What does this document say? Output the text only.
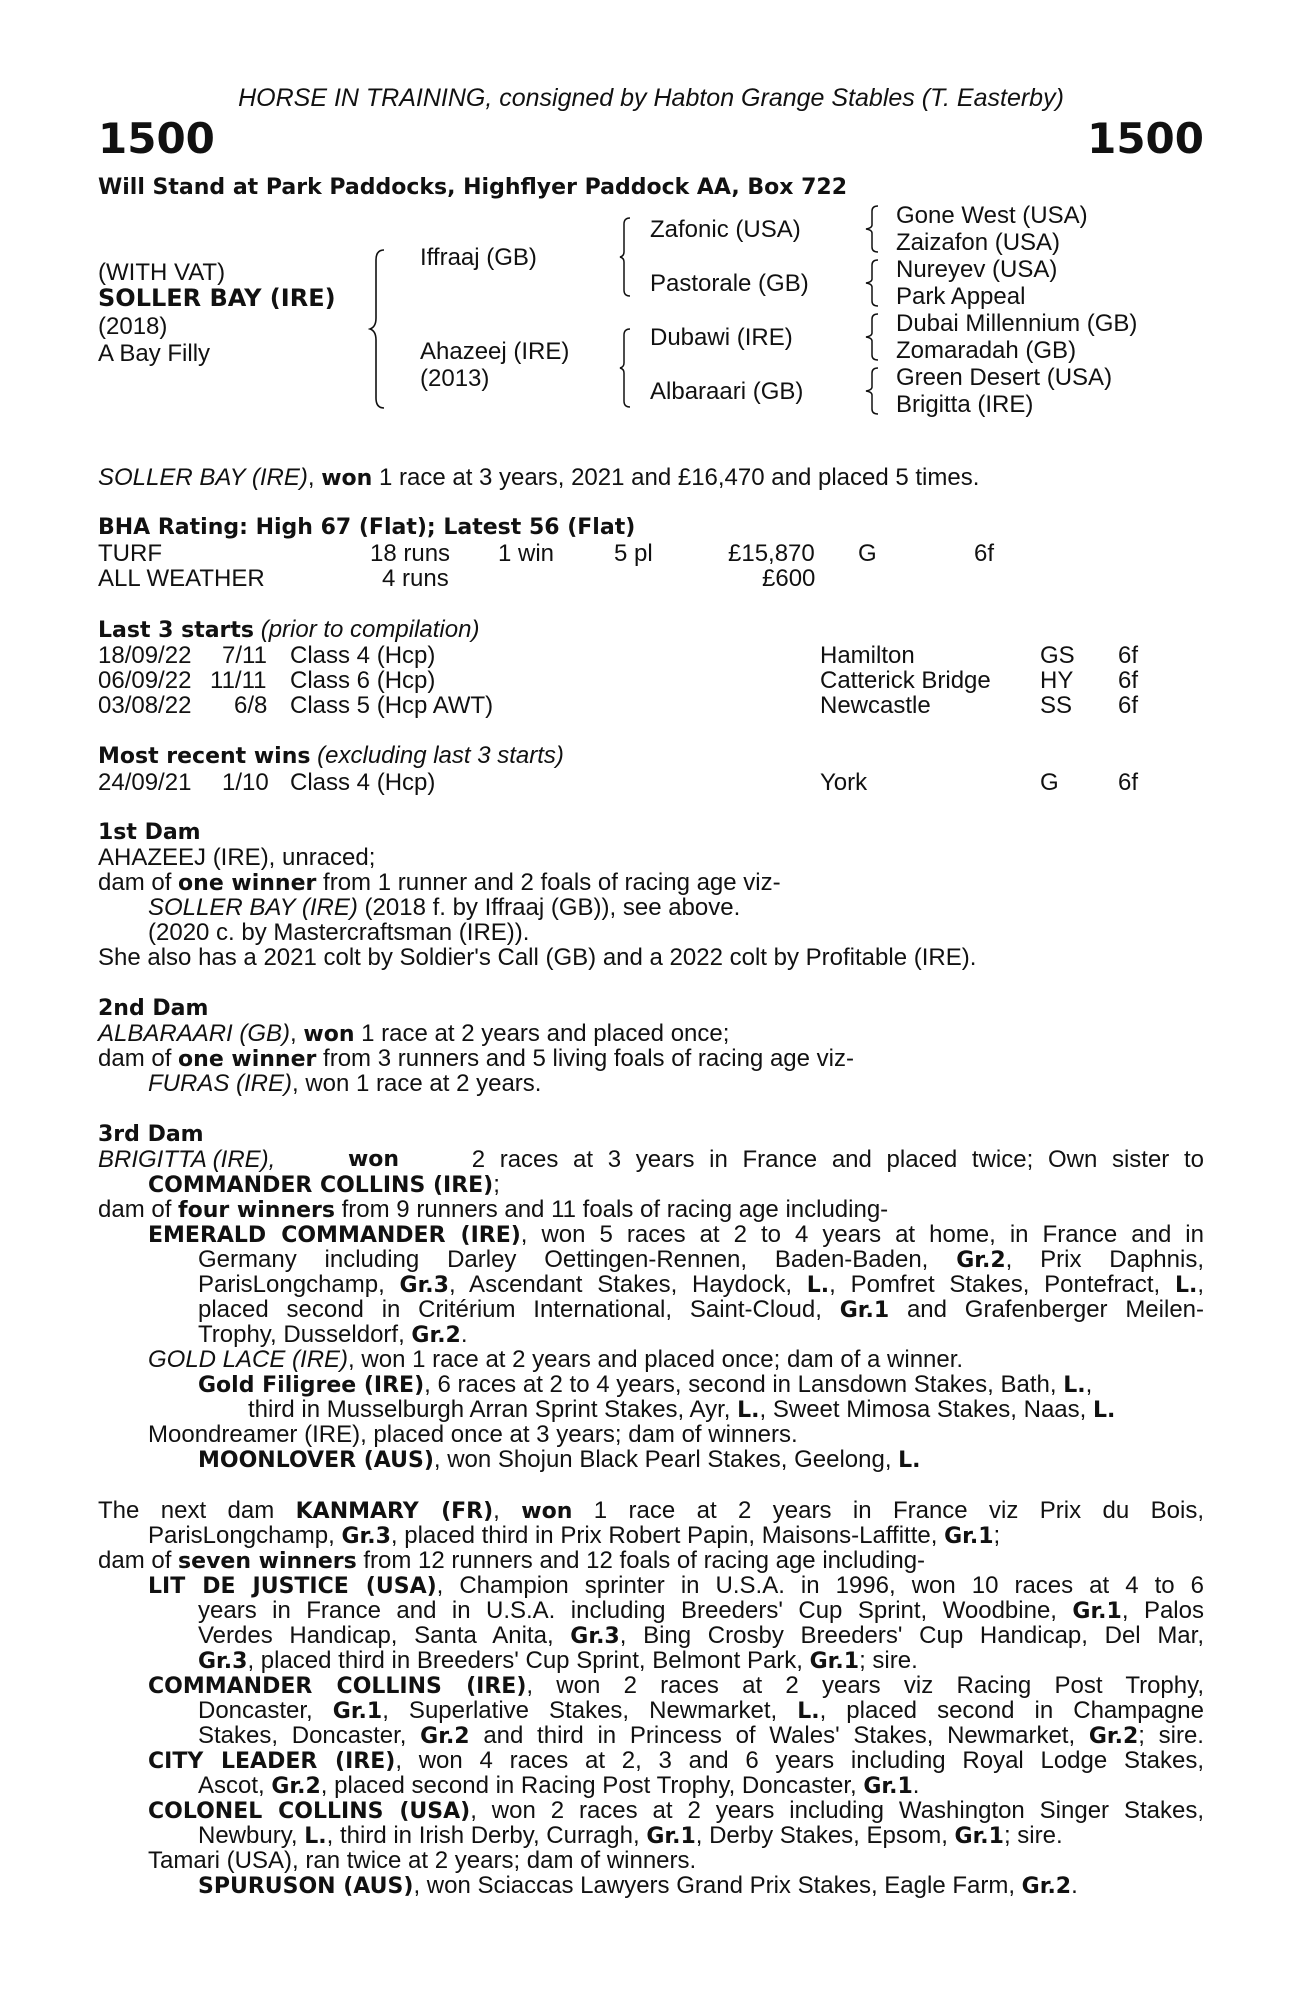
HORSE IN TRAINING, consigned by Habton Grange Stables (T. Easterby)
1500	1500
Will Stand at Park Paddocks, Highflyer Paddock AA, Box 722
(WITH VAT)
SOLLER BAY (IRE)
(2018)
A Bay Filly
Iffraaj (GB)
Ahazeej (IRE)
(2013)
Zafonic (USA)
Pastorale (GB)
Dubawi (IRE)
Albaraari (GB)
Gone West (USA)
Zaizafon (USA)
Nureyev (USA)
Park Appeal
Dubai Millennium (GB)
Zomaradah (GB)
Green Desert (USA)
Brigitta (IRE)
SOLLER BAY (IRE), won 1 race at 3 years, 2021 and £16,470 and placed 5 times.
BHA Rating: High 67 (Flat); Latest 56 (Flat)
TURF	18 runs 1 win 5 pl	£15,870 G	6f
ALL WEATHER	4 runs	£600
Last 3 starts (prior to compilation)
18/09/22 7/11 Class 4 (Hcp)	Hamilton	GS 6f
06/09/22 11/11 Class 6 (Hcp)	Catterick Bridge HY 6f
03/08/22 6/8 Class 5 (Hcp AWT)	Newcastle	SS 6f
Most recent wins (excluding last 3 starts)
24/09/21 1/10 Class 4 (Hcp)	York	G 6f
1st Dam
AHAZEEJ (IRE), unraced;
dam of one winner from 1 runner and 2 foals of racing age viz-
SOLLER BAY (IRE) (2018 f. by Iffraaj (GB)), see above.
(2020 c. by Mastercraftsman (IRE)).
She also has a 2021 colt by Soldier's Call (GB) and a 2022 colt by Profitable (IRE).
2nd Dam
ALBARAARI (GB), won 1 race at 2 years and placed once;
dam of one winner from 3 runners and 5 living foals of racing age viz-
FURAS (IRE), won 1 race at 2 years.
3rd Dam
BRIGITTA (IRE),	won	2 races at 3 years in France and placed twice; Own sister to
COMMANDER COLLINS (IRE);
dam of four winners from 9 runners and 11 foals of racing age including-
EMERALD COMMANDER (IRE), won 5 races at 2 to 4 years at home, in France and in
Germany including Darley Oettingen-Rennen, Baden-Baden, Gr.2, Prix Daphnis,
ParisLongchamp, Gr.3, Ascendant Stakes, Haydock, L., Pomfret Stakes, Pontefract, L.,
placed second in Critérium International, Saint-Cloud, Gr.1 and Grafenberger Meilen-
Trophy, Dusseldorf, Gr.2.
GOLD LACE (IRE), won 1 race at 2 years and placed once; dam of a winner.
Gold Filigree (IRE), 6 races at 2 to 4 years, second in Lansdown Stakes, Bath, L.,
third in Musselburgh Arran Sprint Stakes, Ayr, L., Sweet Mimosa Stakes, Naas, L.
Moondreamer (IRE), placed once at 3 years; dam of winners.
MOONLOVER (AUS), won Shojun Black Pearl Stakes, Geelong, L.
The next dam KANMARY (FR), won 1 race at 2 years in France viz Prix du Bois,
ParisLongchamp, Gr.3, placed third in Prix Robert Papin, Maisons-Laffitte, Gr.1;
dam of seven winners from 12 runners and 12 foals of racing age including-
LIT DE JUSTICE (USA), Champion sprinter in U.S.A. in 1996, won 10 races at 4 to 6
years in France and in U.S.A. including Breeders' Cup Sprint, Woodbine, Gr.1, Palos
Verdes Handicap, Santa Anita, Gr.3, Bing Crosby Breeders' Cup Handicap, Del Mar,
Gr.3, placed third in Breeders' Cup Sprint, Belmont Park, Gr.1; sire.
COMMANDER COLLINS (IRE), won 2 races at 2 years viz Racing Post Trophy,
Doncaster, Gr.1, Superlative Stakes, Newmarket, L., placed second in Champagne
Stakes, Doncaster, Gr.2 and third in Princess of Wales' Stakes, Newmarket, Gr.2; sire.
CITY LEADER (IRE), won 4 races at 2, 3 and 6 years including Royal Lodge Stakes,
Ascot, Gr.2, placed second in Racing Post Trophy, Doncaster, Gr.1.
COLONEL COLLINS (USA), won 2 races at 2 years including Washington Singer Stakes,
Newbury, L., third in Irish Derby, Curragh, Gr.1, Derby Stakes, Epsom, Gr.1; sire.
Tamari (USA), ran twice at 2 years; dam of winners.
SPURUSON (AUS), won Sciaccas Lawyers Grand Prix Stakes, Eagle Farm, Gr.2.
